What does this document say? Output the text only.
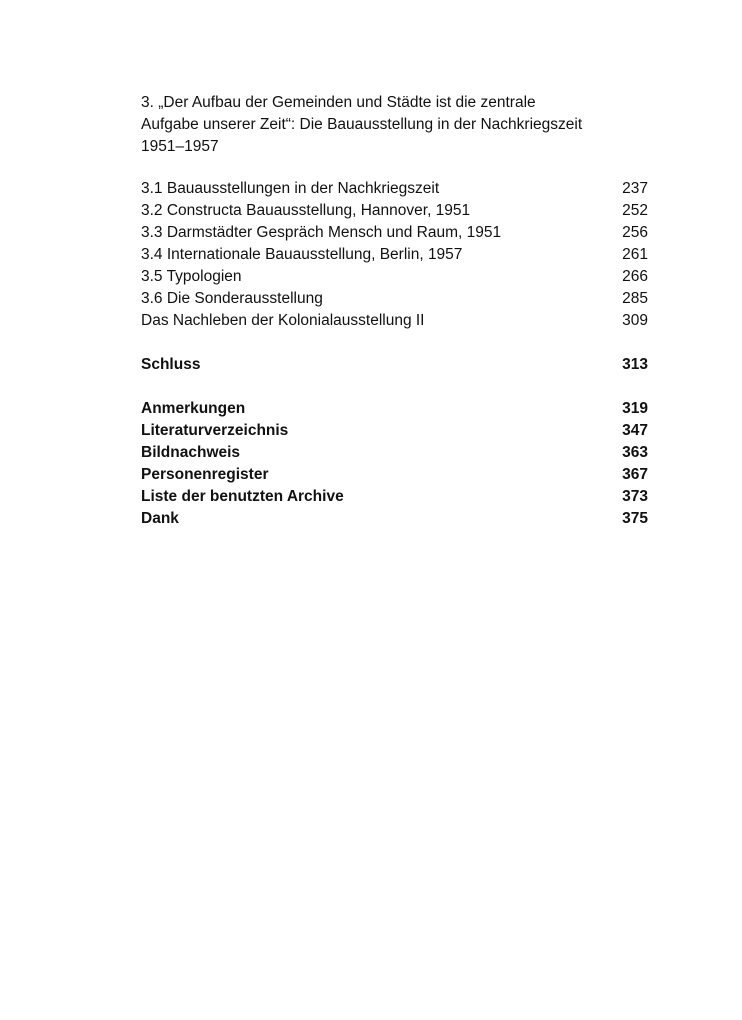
3. „Der Aufbau der Gemeinden und Städte ist die zentrale
Aufgabe unserer Zeit“: Die Bauausstellung in der Nachkriegszeit
1951–1957
3.1 Bauausstellungen in der Nachkriegszeit	237
3.2 Constructa Bauausstellung, Hannover, 1951	252
3.3 Darmstädter Gespräch Mensch und Raum, 1951	256
3.4 Internationale Bauausstellung, Berlin, 1957	261
3.5 Typologien	266
3.6 Die Sonderausstellung	285
Das Nachleben der Kolonialausstellung II	309
Schluss	313
Anmerkungen	319
Literaturverzeichnis	347
Bildnachweis	363
Personenregister	367
Liste der benutzten Archive	373
Dank	375
